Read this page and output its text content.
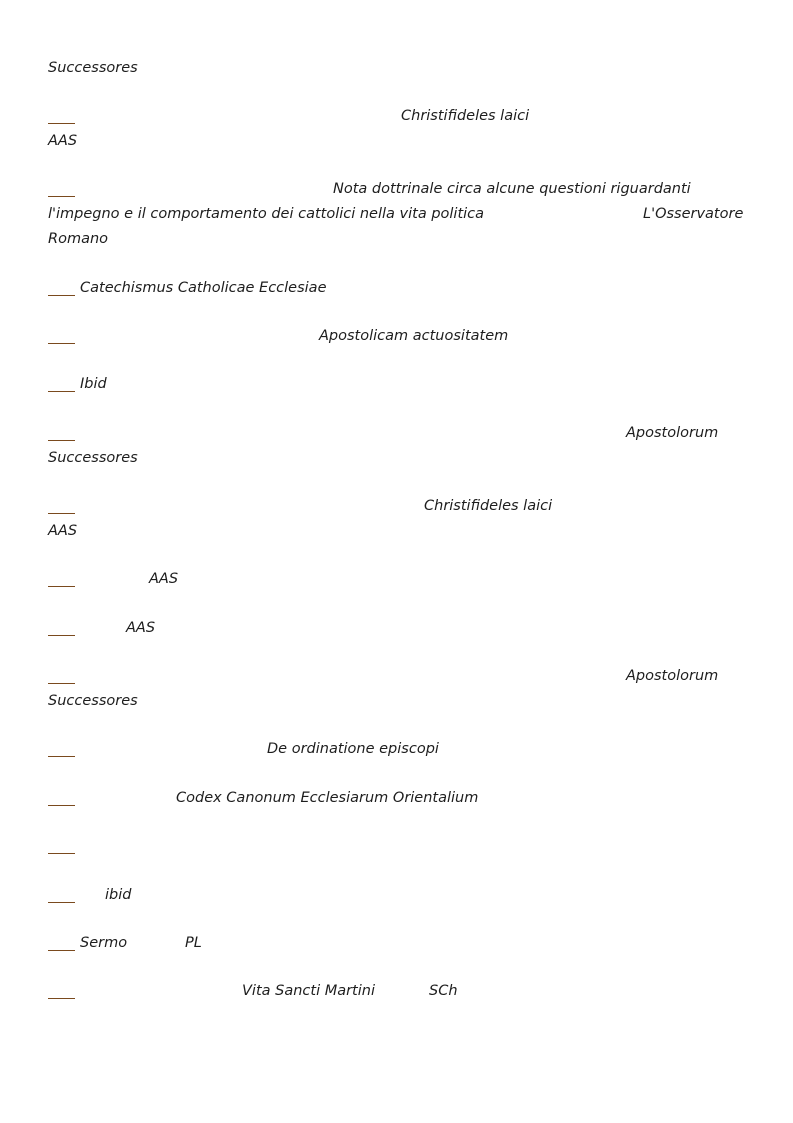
Successores
Christifideles laici
AAS
Nota dottrinale circa alcune questioni riguardanti
l'impegno e il comportamento dei cattolici nella vita politica	L'Osservatore
Romano
Catechismus Catholicae Ecclesiae
Apostolicam actuositatem
Ibid
Apostolorum
Successores
Christifideles laici
AAS
AAS
AAS
Apostolorum
Successores
De ordinatione episcopi
Codex Canonum Ecclesiarum Orientalium
ibid
Sermo	PL
Vita Sancti Martini	SCh
